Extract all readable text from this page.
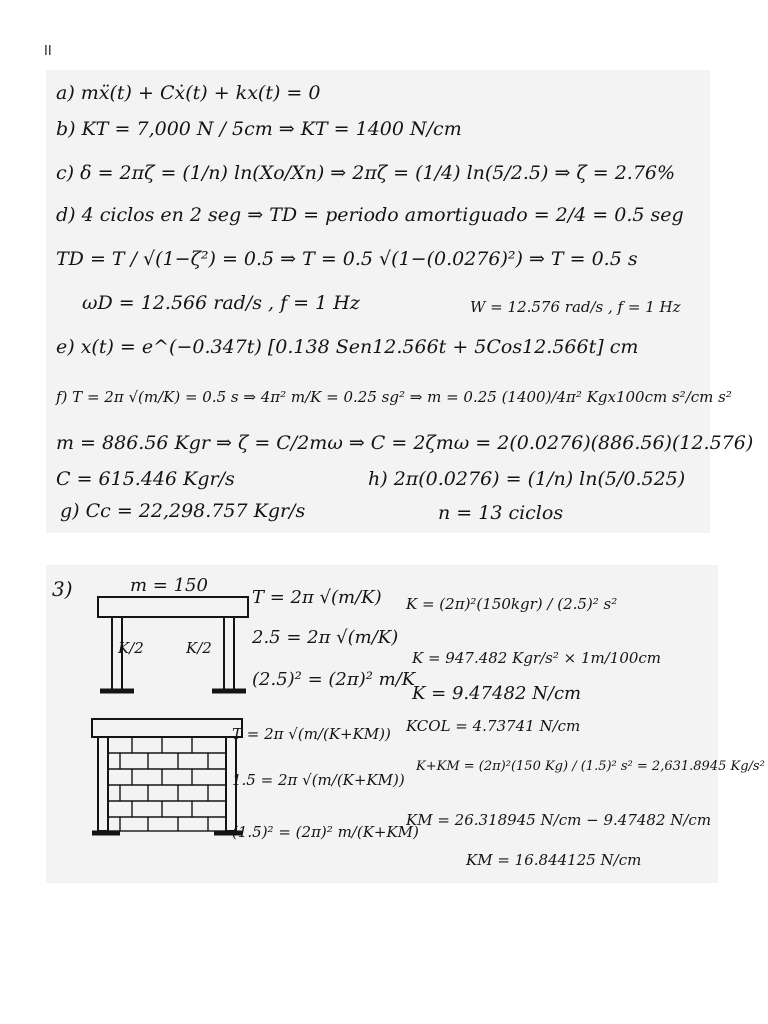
II
a) mẍ(t) + Cẋ(t) + kx(t) = 0
b) KT = 7,000 N / 5cm ⇒ KT = 1400 N/cm
c) δ = 2πζ = (1/n) ln(Xo/Xn) ⇒ 2πζ = (1/4) ln(5/2.5) ⇒ ζ = 2.76%
d) 4 ciclos en 2 seg ⇒ TD = periodo amortiguado = 2/4 = 0.5 seg
TD = T / √(1−ζ²) = 0.5 ⇒ T = 0.5 √(1−(0.0276)²) ⇒ T = 0.5 s
ωD = 12.566 rad/s , f = 1 Hz	W = 12.576 rad/s , f = 1 Hz
e) x(t) = e^(−0.347t) [0.138 Sen12.566t + 5Cos12.566t] cm
f) T = 2π √(m/K) = 0.5 s ⇒ 4π² m/K = 0.25 sg² ⇒ m = 0.25 (1400)/4π² Kgx100cm s²/cm s²
m = 886.56 Kgr ⇒ ζ = C/2mω ⇒ C = 2ζmω = 2(0.0276)(886.56)(12.576)
C = 615.446 Kgr/s	h) 2π(0.0276) = (1/n) ln(5/0.525)
g) Cc = 22,298.757 Kgr/s	n = 13 ciclos
3)	m = 150
K/2	K/2
T = 2π √(m/K)
2.5 = 2π √(m/K)
(2.5)² = (2π)² m/K
T = 2π √(m/(K+KM))
1.5 = 2π √(m/(K+KM))
(1.5)² = (2π)² m/(K+KM)
K = (2π)²(150kgr) / (2.5)² s²
K = 947.482 Kgr/s² × 1m/100cm
K = 9.47482 N/cm
KCOL = 4.73741 N/cm
K+KM = (2π)²(150 Kg) / (1.5)² s² = 2,631.8945 Kg/s²
KM = 26.318945 N/cm − 9.47482 N/cm
KM = 16.844125 N/cm
